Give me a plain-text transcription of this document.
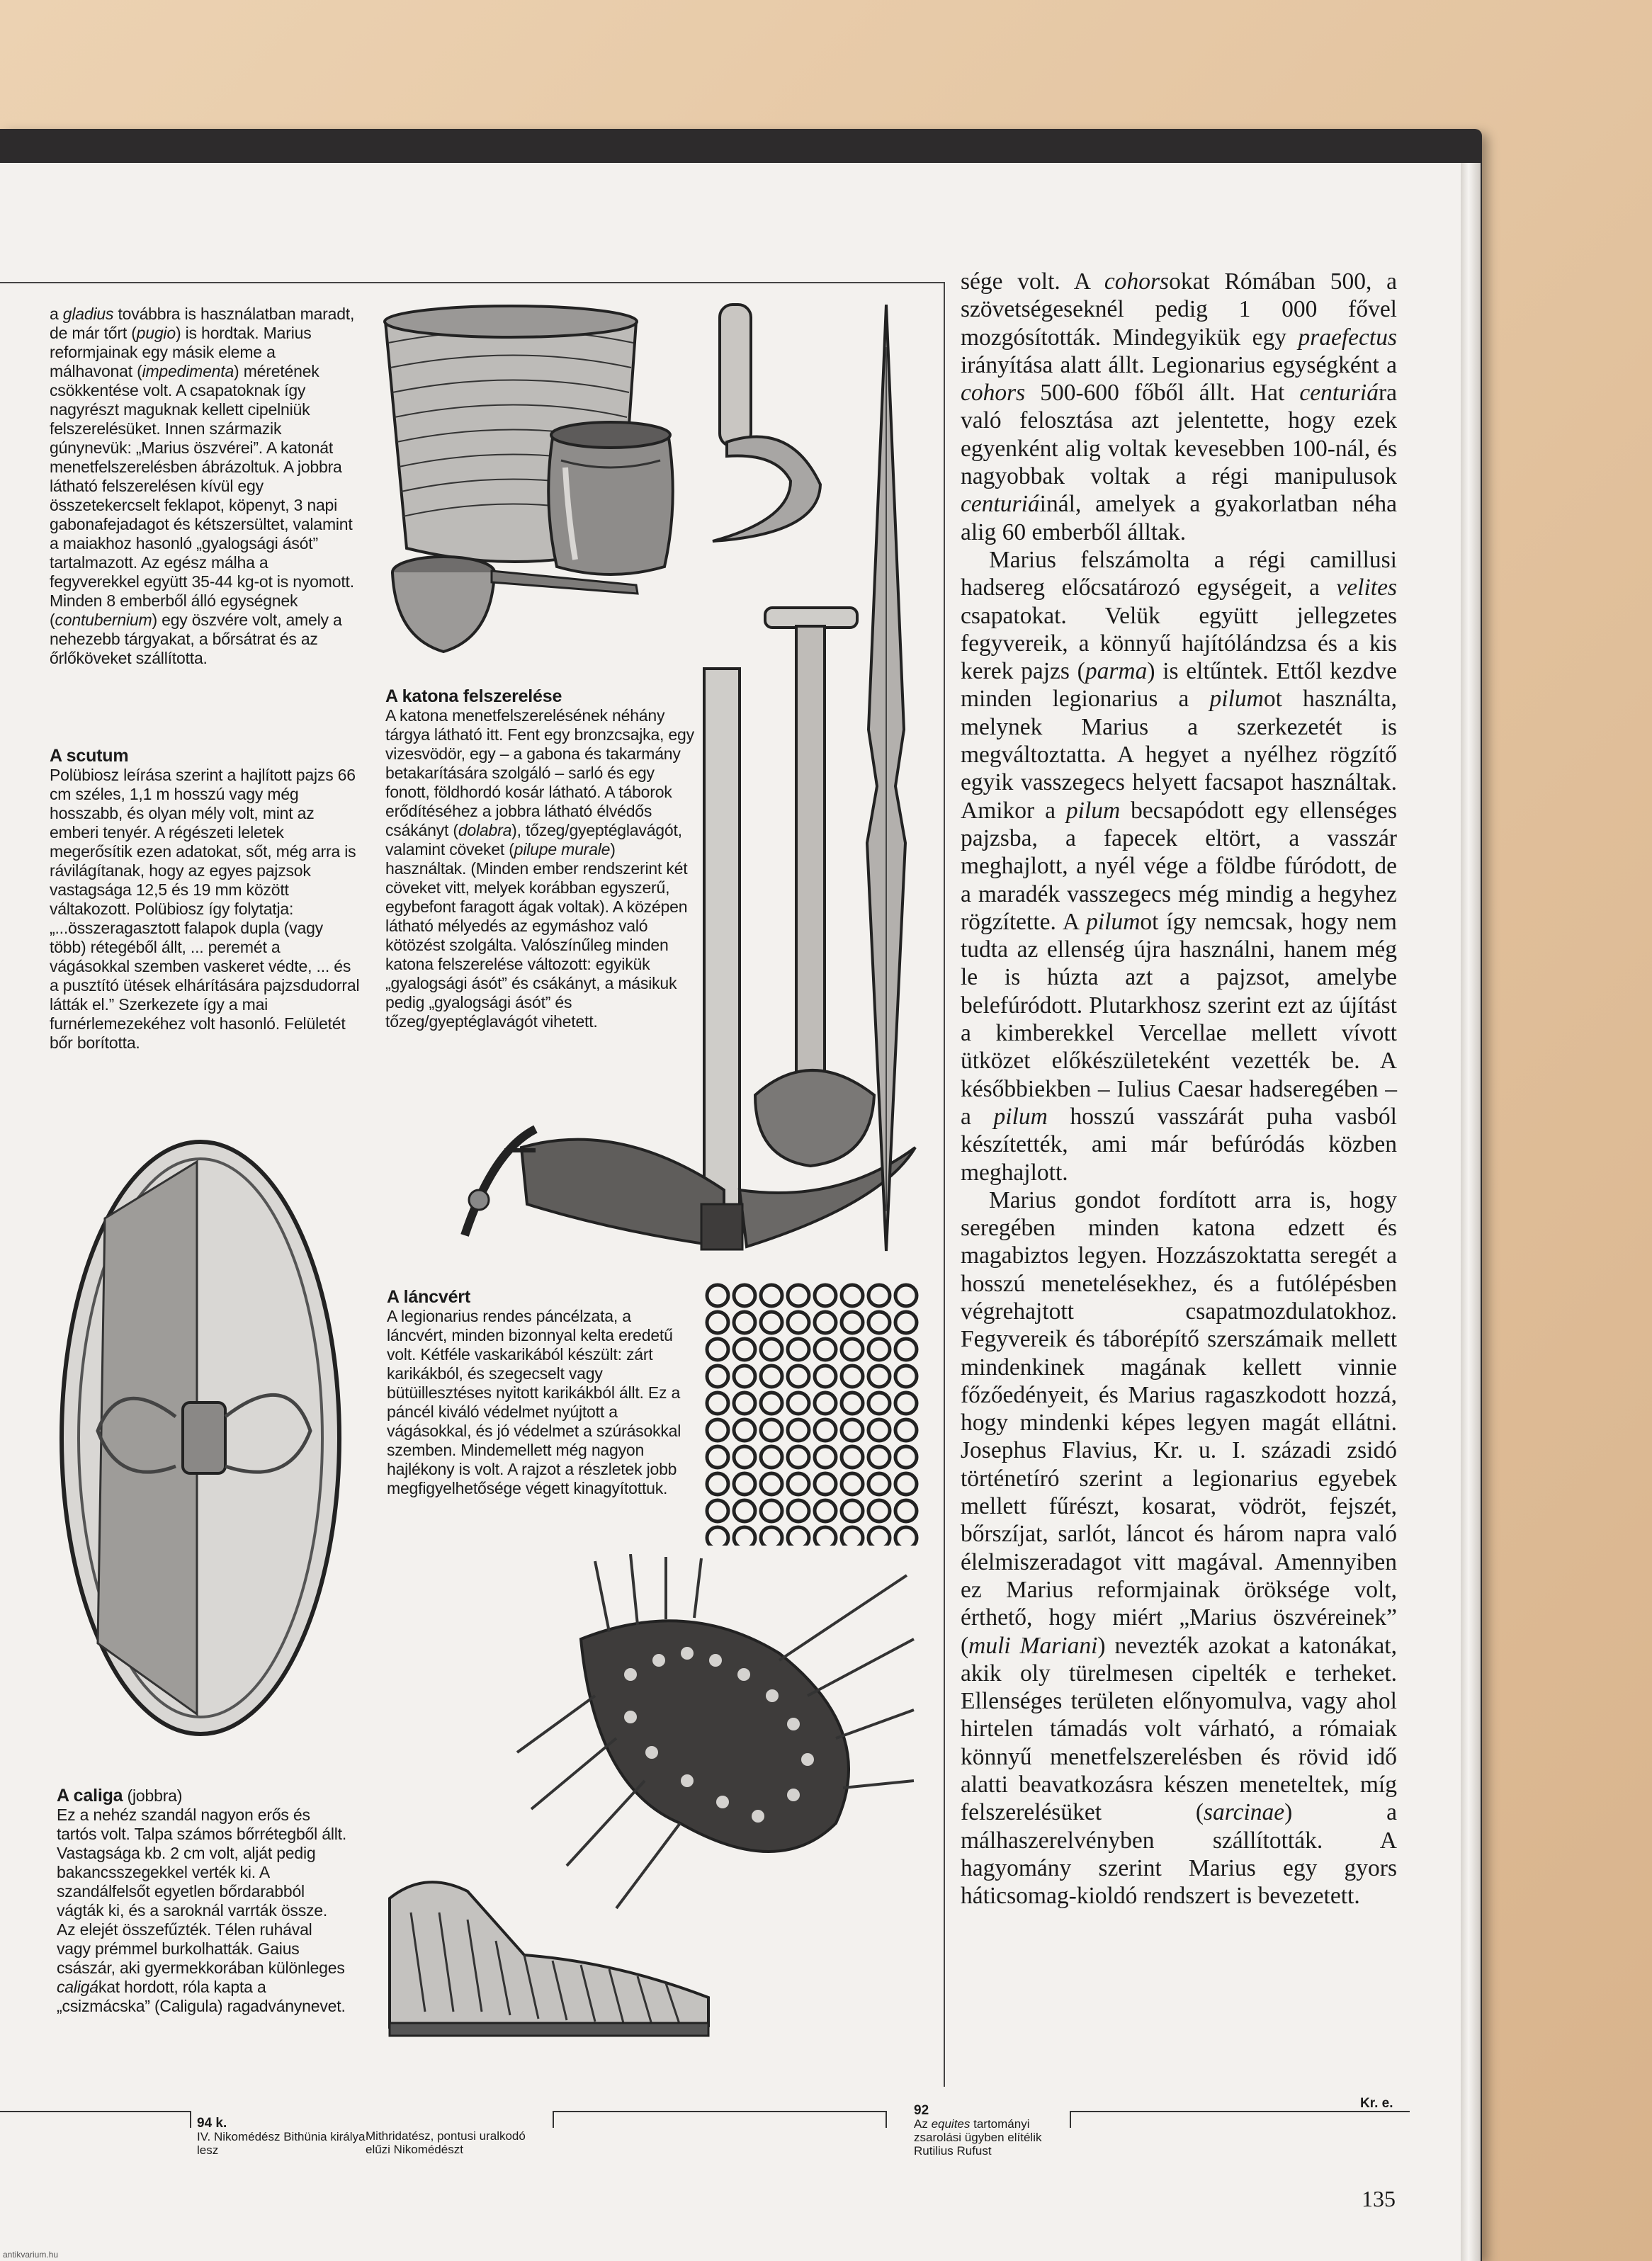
a gladius továbbra is használatban maradt, de már tőrt (pugio) is hordtak. Marius reformjainak egy másik eleme a málhavonat (impedimenta) méretének csökkentése volt. A csapatoknak így nagyrészt maguknak kellett cipelniük felszerelésüket. Innen származik gúnynevük: „Marius öszvérei”. A katonát menetfelszerelésben ábrázoltuk. A jobbra látható felszerelésen kívül egy összetekercselt feklapot, köpenyt, 3 napi gabonafejadagot és kétszersültet, valamint a maiakhoz hasonló „gyalogsági ásót” tartalmazott. Az egész málha a fegyverekkel együtt 35-44 kg-ot is nyomott. Minden 8 emberből álló egységnek (contubernium) egy öszvére volt, amely a nehezebb tárgyakat, a bőrsátrat és az őrlőköveket szállította.

A scutum

Polübiosz leírása szerint a hajlított pajzs 66 cm széles, 1,1 m hosszú vagy még hosszabb, és olyan mély volt, mint az emberi tenyér. A régészeti leletek megerősítik ezen adatokat, sőt, még arra is rávilágítanak, hogy az egyes pajzsok vastagsága 12,5 és 19 mm között váltakozott. Polübiosz így folytatja: „...összeragasztott falapok dupla (vagy több) rétegéből állt, ... peremét a vágásokkal szemben vaskeret védte, ... és a pusztító ütések elhárítására pajzsdudorral látták el.” Szerkezete így a mai furnérlemezekéhez volt hasonló. Felületét bőr borította.

A katona felszerelése

A katona menetfelszerelésének néhány tárgya látható itt. Fent egy bronzcsajka, egy vizesvödör, egy – a gabona és takarmány betakarítására szolgáló – sarló és egy fonott, földhordó kosár látható. A táborok erődítéséhez a jobbra látható élvédős csákányt (dolabra), tőzeg/gyeptéglavágót, valamint cöveket (pilupe murale) használtak. (Minden ember rendszerint két cöveket vitt, melyek korábban egyszerű, egybefont faragott ágak voltak). A középen látható mélyedés az egymáshoz való kötözést szolgálta. Valószínűleg minden katona felszerelése változott: egyikük „gyalogsági ásót” és csákányt, a másikuk pedig „gyalogsági ásót” és tőzeg/gyeptéglavágót vihetett.

A láncvért

A legionarius rendes páncélzata, a láncvért, minden bizonnyal kelta eredetű volt. Kétféle vaskarikából készült: zárt karikákból, és szegecselt vagy bütüillesztéses nyitott karikákból állt. Ez a páncél kiváló védelmet nyújtott a vágásokkal, és jó védelmet a szúrásokkal szemben. Mindemellett még nagyon hajlékony is volt. A rajzot a részletek jobb megfigyelhetősége végett kinagyítottuk.

A caliga (jobbra)

Ez a nehéz szandál nagyon erős és tartós volt. Talpa számos bőrrétegből állt. Vastagsága kb. 2 cm volt, alját pedig bakancsszegekkel verték ki. A szandálfelsőt egyetlen bőrdarabból vágták ki, és a saroknál varrták össze. Az elejét összefűzték. Télen ruhával vagy prémmel burkolhatták. Gaius császár, aki gyermekkorában különleges caligákat hordott, róla kapta a „csizmácska” (Caligula) ragadványnevet.

sége volt. A cohorsokat Rómában 500, a szövetségeseknél pedig 1 000 fővel mozgósították. Mindegyikük egy praefectus irányítása alatt állt. Legionarius egységként a cohors 500-600 főből állt. Hat centuriára való felosztása azt jelentette, hogy ezek egyenként alig voltak kevesebben 100-nál, és nagyobbak voltak a régi manipulusok centuriáinál, amelyek a gyakorlatban néha alig 60 emberből álltak.

Marius felszámolta a régi camillusi hadsereg előcsatározó egységeit, a velites csapatokat. Velük együtt jellegzetes fegyvereik, a könnyű hajítólándzsa és a kis kerek pajzs (parma) is eltűntek. Ettől kezdve minden legionarius a pilumot használta, melynek Marius a szerkezetét is megváltoztatta. A hegyet a nyélhez rögzítő egyik vasszegecs helyett facsapot használtak. Amikor a pilum becsapódott egy ellenséges pajzsba, a fapecek eltört, a vasszár meghajlott, a nyél vége a földbe fúródott, de a maradék vasszegecs még mindig a hegyhez rögzítette. A pilumot így nemcsak, hogy nem tudta az ellenség újra használni, hanem még le is húzta azt a pajzsot, amelybe belefúródott. Plutarkhosz szerint ezt az újítást a kimberekkel Vercellae mellett vívott ütközet előkészületeként vezették be. A későbbiekben – Iulius Caesar hadseregében – a pilum hosszú vasszárát puha vasból készítették, ami már befúródás közben meghajlott.

Marius gondot fordított arra is, hogy seregében minden katona edzett és magabiztos legyen. Hozzászoktatta seregét a hosszú menetelésekhez, és a futólépésben végrehajtott csapatmozdulatokhoz. Fegyvereik és táborépítő szerszámaik mellett mindenkinek magának kellett vinnie főzőedényeit, és Marius ragaszkodott hozzá, hogy mindenki képes legyen magát ellátni. Josephus Flavius, Kr. u. I. századi zsidó történetíró szerint a legionarius egyebek mellett fűrészt, kosarat, vödröt, fejszét, bőrszíjat, sarlót, láncot és három napra való élelmiszeradagot vitt magával. Amennyiben ez Marius reformjainak öröksége volt, érthető, hogy miért „Marius öszvéreinek” (muli Mariani) nevezték azokat a katonákat, akik oly türelmesen cipelték e terheket. Ellenséges területen előnyomulva, vagy ahol hirtelen támadás volt várható, a rómaiak könnyű menetfelszerelésben és rövid idő alatti beavatkozásra készen meneteltek, míg felszerelésüket (sarcinae) a málhaszerelvényben szállították. A hagyomány szerint Marius egy gyors háticsomag-kioldó rendszert is bevezetett.

94 k.
IV. Nikomédész Bithünia királya lesz
Mithridatész, pontusi uralkodó elűzi Nikomédészt
92
Az equites tartományi zsarolási ügyben elítélik Rutilius Rufust
Kr. e.
135
antikvarium.hu
